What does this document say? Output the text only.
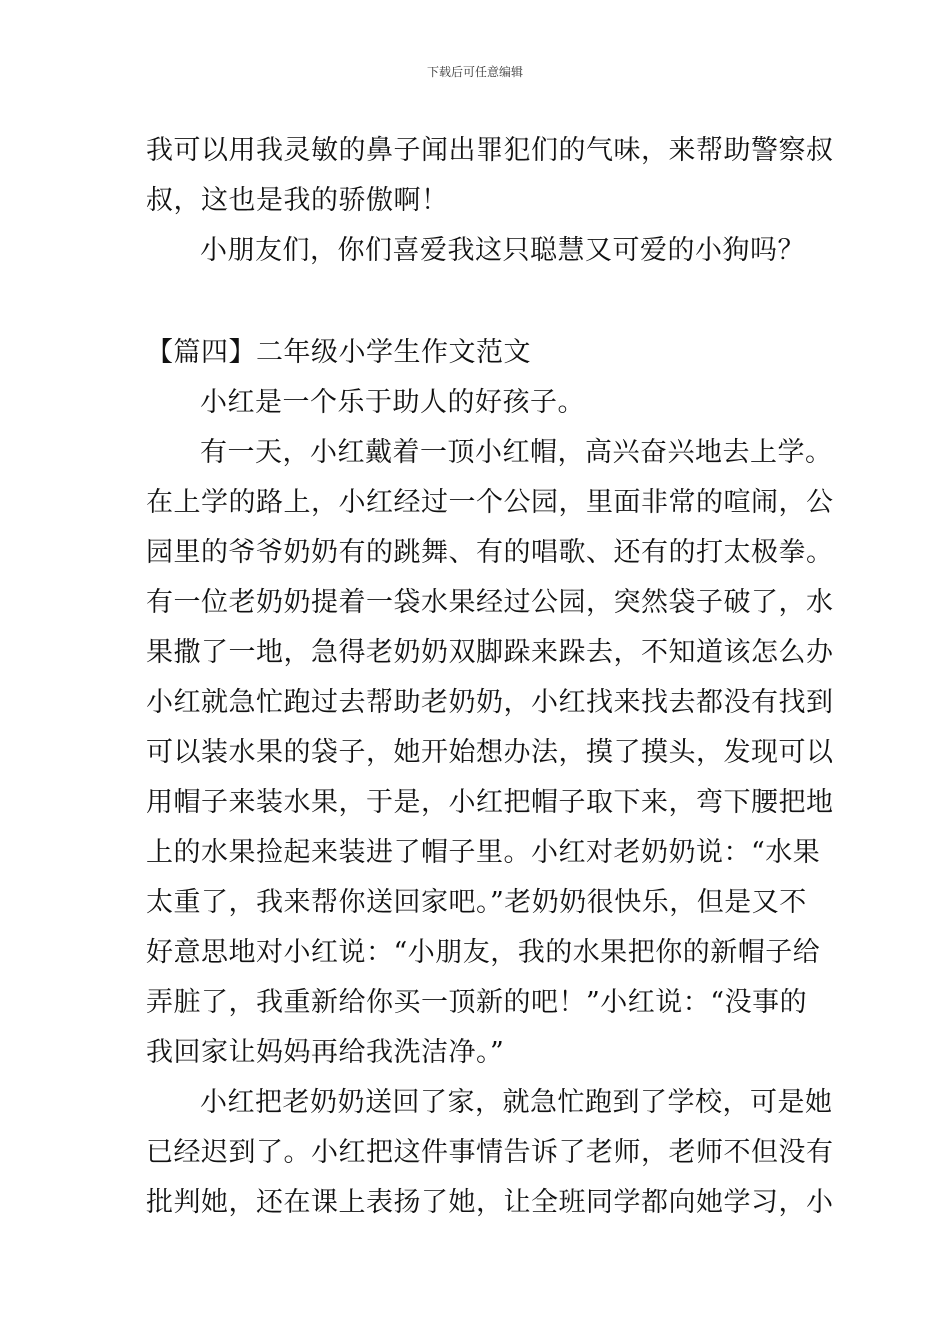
下载后可任意编辑
我可以用我灵敏的鼻子闻出罪犯们的气味，来帮助警察叔
叔，这也是我的骄傲啊！
小朋友们，你们喜爱我这只聪慧又可爱的小狗吗？
【篇四】二年级小学生作文范文
小红是一个乐于助人的好孩子。
有一天，小红戴着一顶小红帽，高兴奋兴地去上学。
在上学的路上，小红经过一个公园，里面非常的喧闹，公
园里的爷爷奶奶有的跳舞、有的唱歌、还有的打太极拳。
有一位老奶奶提着一袋水果经过公园，突然袋子破了，水
果撒了一地，急得老奶奶双脚跺来跺去，不知道该怎么办
小红就急忙跑过去帮助老奶奶，小红找来找去都没有找到
可以装水果的袋子，她开始想办法，摸了摸头，发现可以
用帽子来装水果，于是，小红把帽子取下来，弯下腰把地
上的水果捡起来装进了帽子里。小红对老奶奶说：“水果
太重了，我来帮你送回家吧。”老奶奶很快乐，但是又不
好意思地对小红说：“小朋友，我的水果把你的新帽子给
弄脏了，我重新给你买一顶新的吧！”小红说：“没事的
我回家让妈妈再给我洗洁净。”
小红把老奶奶送回了家，就急忙跑到了学校，可是她
已经迟到了。小红把这件事情告诉了老师，老师不但没有
批判她，还在课上表扬了她，让全班同学都向她学习，小
